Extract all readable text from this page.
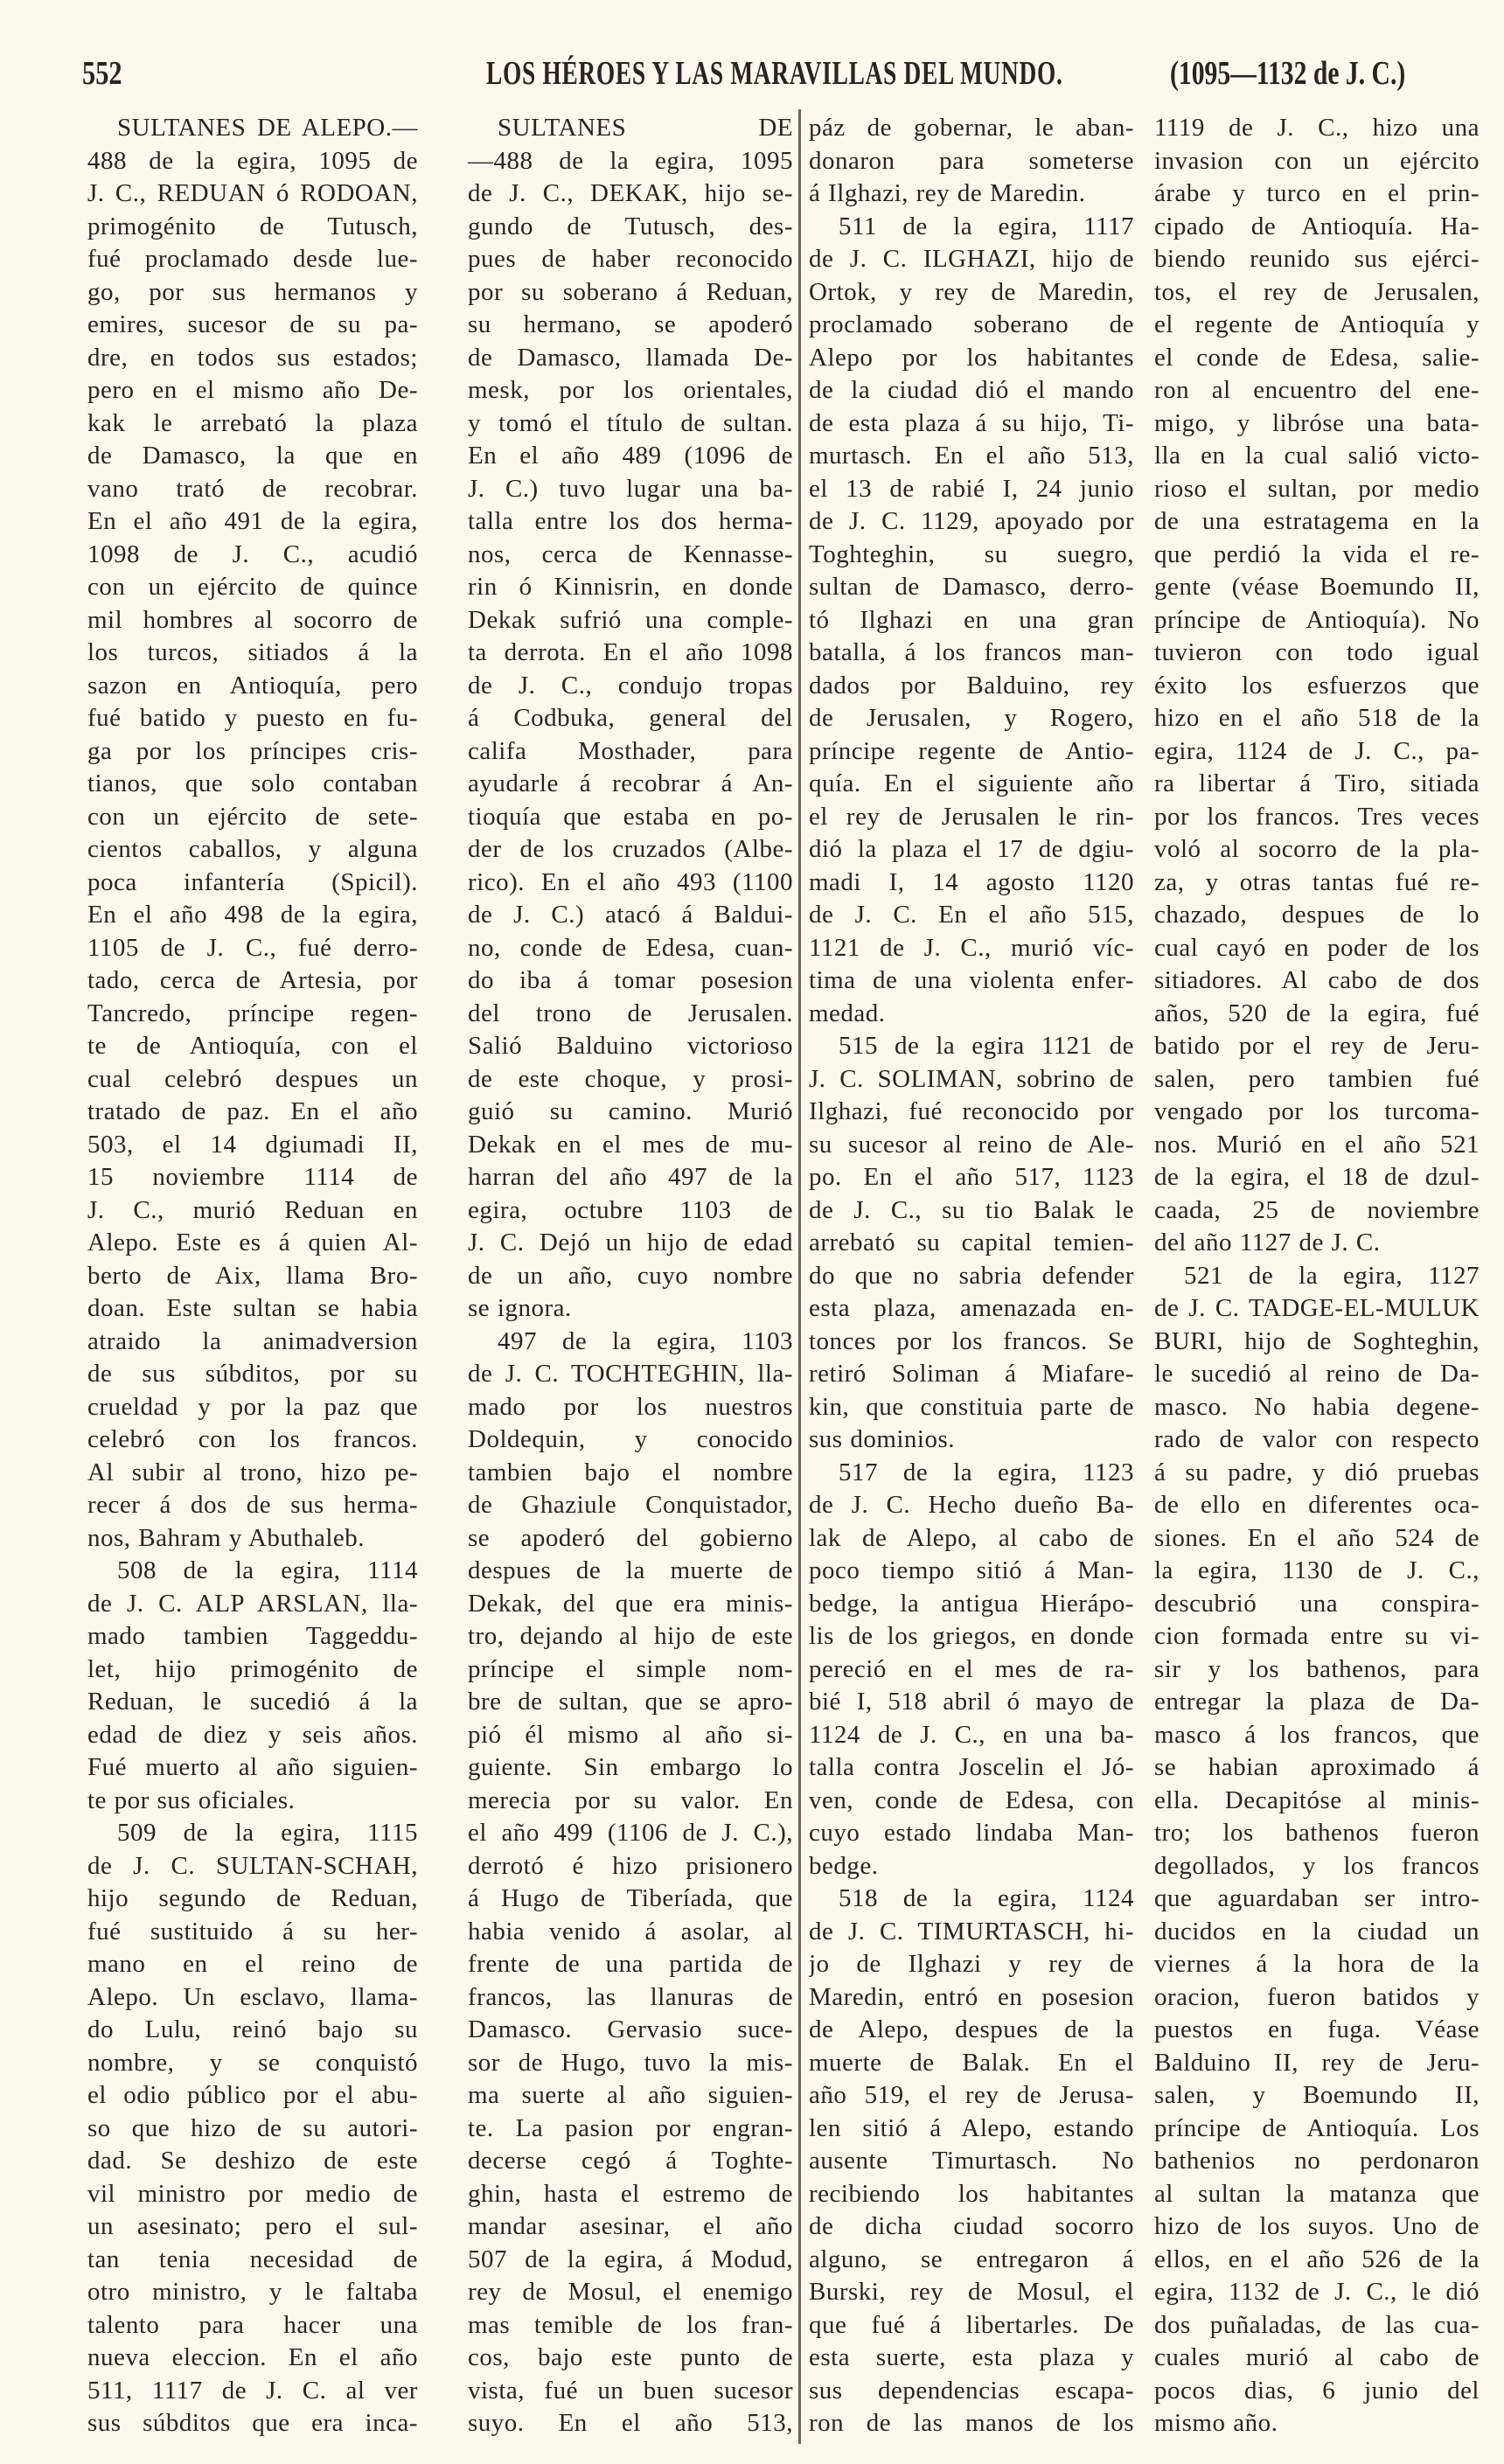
552	LOS HÉROES Y LAS MARAVILLAS DEL MUNDO.	(1095—1132 de J. C.)
SULTANES DE ALEPO.—
488 de la egira, 1095 de
J. C., REDUAN ó RODOAN,
primogénito de Tutusch,
fué proclamado desde lue-
go, por sus hermanos y
emires, sucesor de su pa-
dre, en todos sus estados;
pero en el mismo año De-
kak le arrebató la plaza
de Damasco, la que en
vano trató de recobrar.
En el año 491 de la egira,
1098 de J. C., acudió
con un ejército de quince
mil hombres al socorro de
los turcos, sitiados á la
sazon en Antioquía, pero
fué batido y puesto en fu-
ga por los príncipes cris-
tianos, que solo contaban
con un ejército de sete-
cientos caballos, y alguna
poca infantería (Spicil).
En el año 498 de la egira,
1105 de J. C., fué derro-
tado, cerca de Artesia, por
Tancredo, príncipe regen-
te de Antioquía, con el
cual celebró despues un
tratado de paz. En el año
503, el 14 dgiumadi II,
15 noviembre 1114 de
J. C., murió Reduan en
Alepo. Este es á quien Al-
berto de Aix, llama Bro-
doan. Este sultan se habia
atraido la animadversion
de sus súbditos, por su
crueldad y por la paz que
celebró con los francos.
Al subir al trono, hizo pe-
recer á dos de sus herma-
nos, Bahram y Abuthaleb.
508 de la egira, 1114
de J. C. ALP ARSLAN, lla-
mado tambien Taggeddu-
let, hijo primogénito de
Reduan, le sucedió á la
edad de diez y seis años.
Fué muerto al año siguien-
te por sus oficiales.
509 de la egira, 1115
de J. C. SULTAN-SCHAH,
hijo segundo de Reduan,
fué sustituido á su her-
mano en el reino de
Alepo. Un esclavo, llama-
do Lulu, reinó bajo su
nombre, y se conquistó
el odio público por el abu-
so que hizo de su autori-
dad. Se deshizo de este
vil ministro por medio de
un asesinato; pero el sul-
tan tenia necesidad de
otro ministro, y le faltaba
talento para hacer una
nueva eleccion. En el año
511, 1117 de J. C. al ver
sus súbditos que era inca-
SULTANES DE
—488 de la egira, 1095
de J. C., DEKAK, hijo se-
gundo de Tutusch, des-
pues de haber reconocido
por su soberano á Reduan,
su hermano, se apoderó
de Damasco, llamada De-
mesk, por los orientales,
y tomó el título de sultan.
En el año 489 (1096 de
J. C.) tuvo lugar una ba-
talla entre los dos herma-
nos, cerca de Kennasse-
rin ó Kinnisrin, en donde
Dekak sufrió una comple-
ta derrota. En el año 1098
de J. C., condujo tropas
á Codbuka, general del
califa Mosthader, para
ayudarle á recobrar á An-
tioquía que estaba en po-
der de los cruzados (Albe-
rico). En el año 493 (1100
de J. C.) atacó á Baldui-
no, conde de Edesa, cuan-
do iba á tomar posesion
del trono de Jerusalen.
Salió Balduino victorioso
de este choque, y prosi-
guió su camino. Murió
Dekak en el mes de mu-
harran del año 497 de la
egira, octubre 1103 de
J. C. Dejó un hijo de edad
de un año, cuyo nombre
se ignora.
497 de la egira, 1103
de J. C. TOCHTEGHIN, lla-
mado por los nuestros
Doldequin, y conocido
tambien bajo el nombre
de Ghaziule Conquistador,
se apoderó del gobierno
despues de la muerte de
Dekak, del que era minis-
tro, dejando al hijo de este
príncipe el simple nom-
bre de sultan, que se apro-
pió él mismo al año si-
guiente. Sin embargo lo
merecia por su valor. En
el año 499 (1106 de J. C.),
derrotó é hizo prisionero
á Hugo de Tiberíada, que
habia venido á asolar, al
frente de una partida de
francos, las llanuras de
Damasco. Gervasio suce-
sor de Hugo, tuvo la mis-
ma suerte al año siguien-
te. La pasion por engran-
decerse cegó á Toghte-
ghin, hasta el estremo de
mandar asesinar, el año
507 de la egira, á Modud,
rey de Mosul, el enemigo
mas temible de los fran-
cos, bajo este punto de
vista, fué un buen sucesor
suyo. En el año 513,
páz de gobernar, le aban-
donaron para someterse
á Ilghazi, rey de Maredin.
511 de la egira, 1117
de J. C. ILGHAZI, hijo de
Ortok, y rey de Maredin,
proclamado soberano de
Alepo por los habitantes
de la ciudad dió el mando
de esta plaza á su hijo, Ti-
murtasch. En el año 513,
el 13 de rabié I, 24 junio
de J. C. 1129, apoyado por
Toghteghin, su suegro,
sultan de Damasco, derro-
tó Ilghazi en una gran
batalla, á los francos man-
dados por Balduino, rey
de Jerusalen, y Rogero,
príncipe regente de Antio-
quía. En el siguiente año
el rey de Jerusalen le rin-
dió la plaza el 17 de dgiu-
madi I, 14 agosto 1120
de J. C. En el año 515,
1121 de J. C., murió víc-
tima de una violenta enfer-
medad.
515 de la egira 1121 de
J. C. SOLIMAN, sobrino de
Ilghazi, fué reconocido por
su sucesor al reino de Ale-
po. En el año 517, 1123
de J. C., su tio Balak le
arrebató su capital temien-
do que no sabria defender
esta plaza, amenazada en-
tonces por los francos. Se
retiró Soliman á Miafare-
kin, que constituia parte de
sus dominios.
517 de la egira, 1123
de J. C. Hecho dueño Ba-
lak de Alepo, al cabo de
poco tiempo sitió á Man-
bedge, la antigua Hierápo-
lis de los griegos, en donde
pereció en el mes de ra-
bié I, 518 abril ó mayo de
1124 de J. C., en una ba-
talla contra Joscelin el Jó-
ven, conde de Edesa, con
cuyo estado lindaba Man-
bedge.
518 de la egira, 1124
de J. C. TIMURTASCH, hi-
jo de Ilghazi y rey de
Maredin, entró en posesion
de Alepo, despues de la
muerte de Balak. En el
año 519, el rey de Jerusa-
len sitió á Alepo, estando
ausente Timurtasch. No
recibiendo los habitantes
de dicha ciudad socorro
alguno, se entregaron á
Burski, rey de Mosul, el
que fué á libertarles. De
esta suerte, esta plaza y
sus dependencias escapa-
ron de las manos de los
1119 de J. C., hizo una
invasion con un ejército
árabe y turco en el prin-
cipado de Antioquía. Ha-
biendo reunido sus ejérci-
tos, el rey de Jerusalen,
el regente de Antioquía y
el conde de Edesa, salie-
ron al encuentro del ene-
migo, y libróse una bata-
lla en la cual salió victo-
rioso el sultan, por medio
de una estratagema en la
que perdió la vida el re-
gente (véase Boemundo II,
príncipe de Antioquía). No
tuvieron con todo igual
éxito los esfuerzos que
hizo en el año 518 de la
egira, 1124 de J. C., pa-
ra libertar á Tiro, sitiada
por los francos. Tres veces
voló al socorro de la pla-
za, y otras tantas fué re-
chazado, despues de lo
cual cayó en poder de los
sitiadores. Al cabo de dos
años, 520 de la egira, fué
batido por el rey de Jeru-
salen, pero tambien fué
vengado por los turcoma-
nos. Murió en el año 521
de la egira, el 18 de dzul-
caada, 25 de noviembre
del año 1127 de J. C.
521 de la egira, 1127
de J. C. TADGE-EL-MULUK
BURI, hijo de Soghteghin,
le sucedió al reino de Da-
masco. No habia degene-
rado de valor con respecto
á su padre, y dió pruebas
de ello en diferentes oca-
siones. En el año 524 de
la egira, 1130 de J. C.,
descubrió una conspira-
cion formada entre su vi-
sir y los bathenos, para
entregar la plaza de Da-
masco á los francos, que
se habian aproximado á
ella. Decapitóse al minis-
tro; los bathenos fueron
degollados, y los francos
que aguardaban ser intro-
ducidos en la ciudad un
viernes á la hora de la
oracion, fueron batidos y
puestos en fuga. Véase
Balduino II, rey de Jeru-
salen, y Boemundo II,
príncipe de Antioquía. Los
bathenios no perdonaron
al sultan la matanza que
hizo de los suyos. Uno de
ellos, en el año 526 de la
egira, 1132 de J. C., le dió
dos puñaladas, de las cua-
cuales murió al cabo de
pocos dias, 6 junio del
mismo año.
